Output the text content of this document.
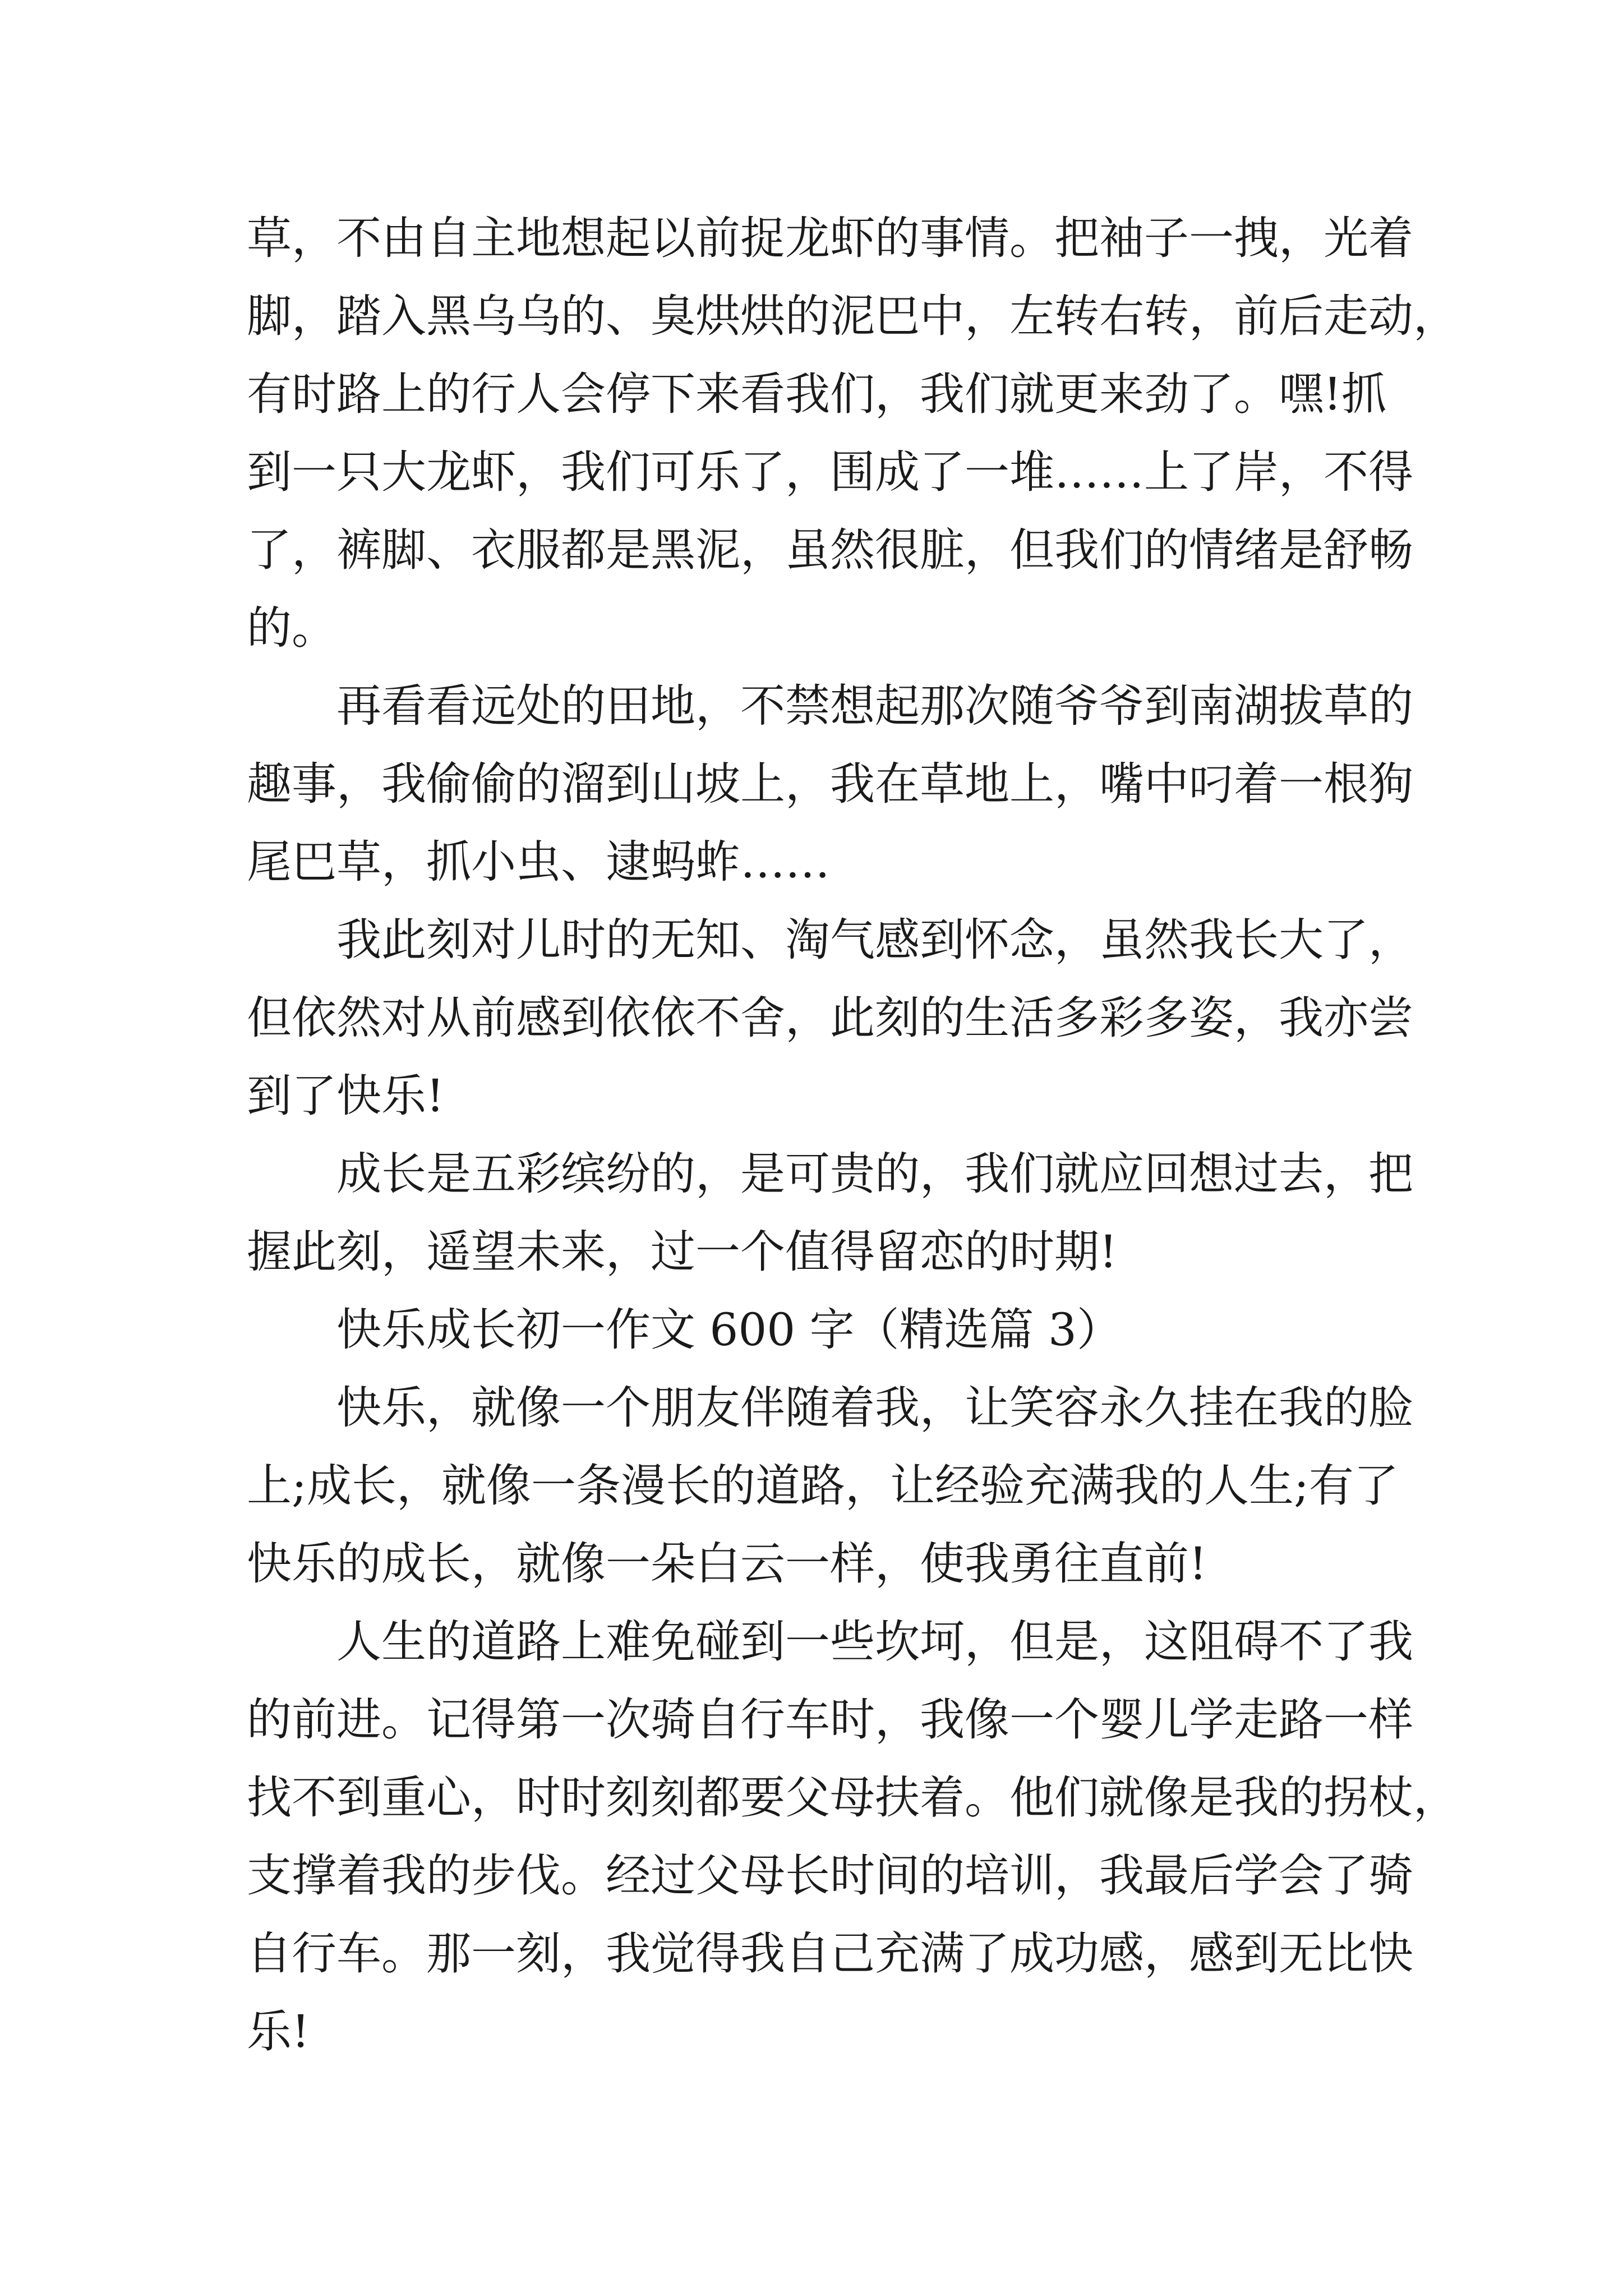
草，不由自主地想起以前捉龙虾的事情。把袖子一拽，光着
脚，踏入黑乌乌的、臭烘烘的泥巴中，左转右转，前后走动，
有时路上的行人会停下来看我们，我们就更来劲了。嘿!抓
到一只大龙虾，我们可乐了，围成了一堆……上了岸，不得
了，裤脚、衣服都是黑泥，虽然很脏，但我们的情绪是舒畅
的。
再看看远处的田地，不禁想起那次随爷爷到南湖拔草的
趣事，我偷偷的溜到山坡上，我在草地上，嘴中叼着一根狗
尾巴草，抓小虫、逮蚂蚱……
我此刻对儿时的无知、淘气感到怀念，虽然我长大了，
但依然对从前感到依依不舍，此刻的生活多彩多姿，我亦尝
到了快乐!
成长是五彩缤纷的，是可贵的，我们就应回想过去，把
握此刻，遥望未来，过一个值得留恋的时期!
快乐成长初一作文 600 字（精选篇 3）
快乐，就像一个朋友伴随着我，让笑容永久挂在我的脸
上;成长，就像一条漫长的道路，让经验充满我的人生;有了
快乐的成长，就像一朵白云一样，使我勇往直前!
人生的道路上难免碰到一些坎坷，但是，这阻碍不了我
的前进。记得第一次骑自行车时，我像一个婴儿学走路一样
找不到重心，时时刻刻都要父母扶着。他们就像是我的拐杖，
支撑着我的步伐。经过父母长时间的培训，我最后学会了骑
自行车。那一刻，我觉得我自己充满了成功感，感到无比快
乐!
